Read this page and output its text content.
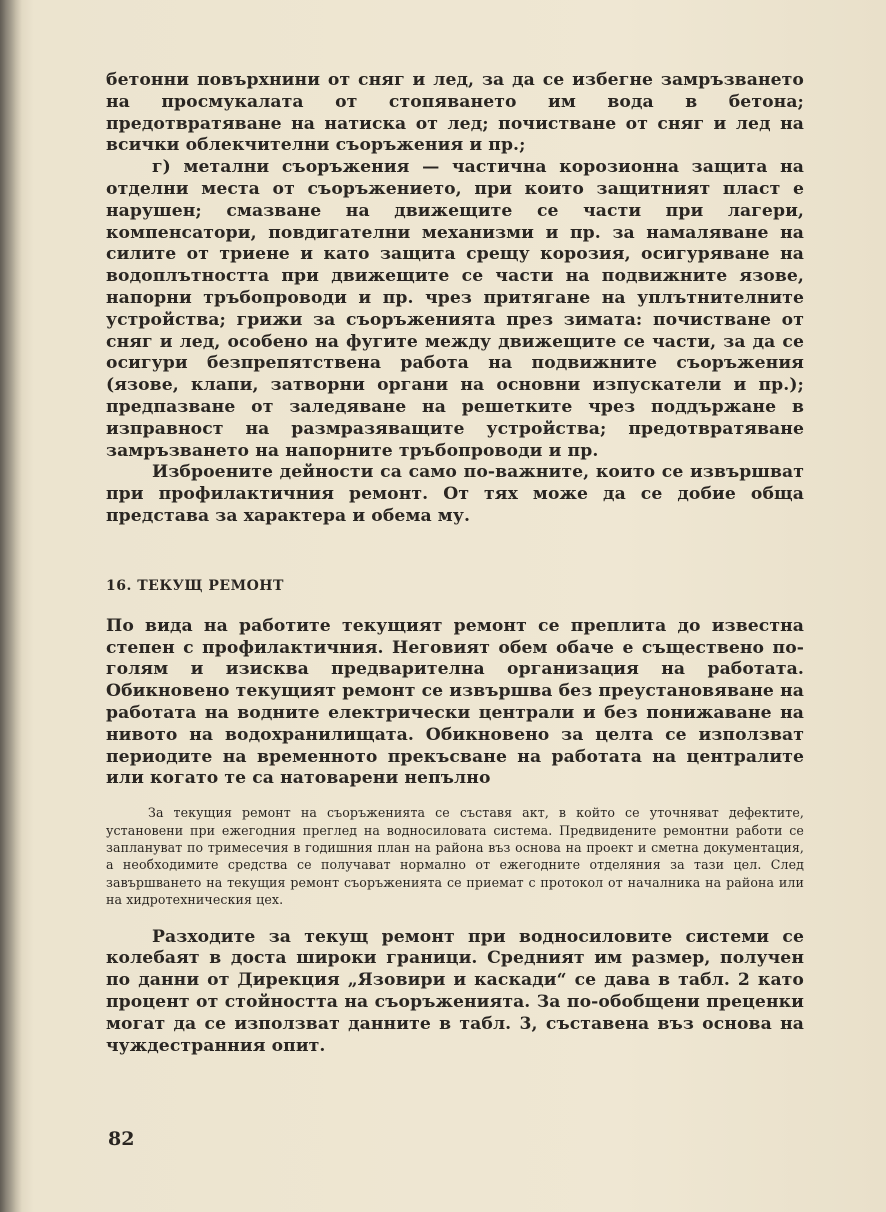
бетонни повърхнини от сняг и лед, за да се избегне замръзването на просмукалата от стопяването им вода в бетона; предотвратяване на натиска от лед; почистване от сняг и лед на всички облекчителни съоръжения и пр.;

г) метални съоръжения — частична корозионна защита на отделни места от съоръжението, при които защитният пласт е нарушен; смазване на движещите се части при лагери, компенсатори, повдигателни механизми и пр. за намаляване на силите от триене и като защита срещу корозия, осигуряване на водоплътността при движещите се части на подвижните язове, напорни тръбопроводи и пр. чрез притягане на уплътнителните устройства; грижи за съоръженията през зимата: почистване от сняг и лед, особено на фугите между движещите се части, за да се осигури безпрепятствена работа на подвижните съоръжения (язове, клапи, затворни органи на основни изпускатели и пр.); предпазване от заледяване на решетките чрез поддържане в изправност на размразяващите устройства; предотвратяване замръзването на напорните тръбопроводи и пр.

Изброените дейности са само по-важните, които се извършват при профилактичния ремонт. От тях може да се добие обща представа за характера и обема му.

16. ТЕКУЩ РЕМОНТ

По вида на работите текущият ремонт се преплита до известна степен с профилактичния. Неговият обем обаче е съществено по-голям и изисква предварителна организация на работата. Обикновено текущият ремонт се извършва без преустановяване на работата на водните електрически централи и без понижаване на нивото на водохранилищата. Обикновено за целта се използват периодите на временното прекъсване на работата на централите или когато те са натоварени непълно

За текущия ремонт на съоръженията се съставя акт, в който се уточняват дефектите, установени при ежегодния преглед на водносиловата система. Предвидените ремонтни работи се запланyват по тримесечия в годишния план на района въз основа на проект и сметна документация, а необходимите средства се получават нормално от ежегодните отделяния за тази цел. След завършването на текущия ремонт съоръженията се приемат с протокол от началника на района или на хидротехническия цех.

Разходите за текущ ремонт при водносиловите системи се колебаят в доста широки граници. Средният им размер, получен по данни от Дирекция „Язовири и каскади“ се дава в табл. 2 като процент от стойността на съоръженията. За по-обобщени преценки могат да се използват данните в табл. 3, съставена въз основа на чуждестранния опит.

82
